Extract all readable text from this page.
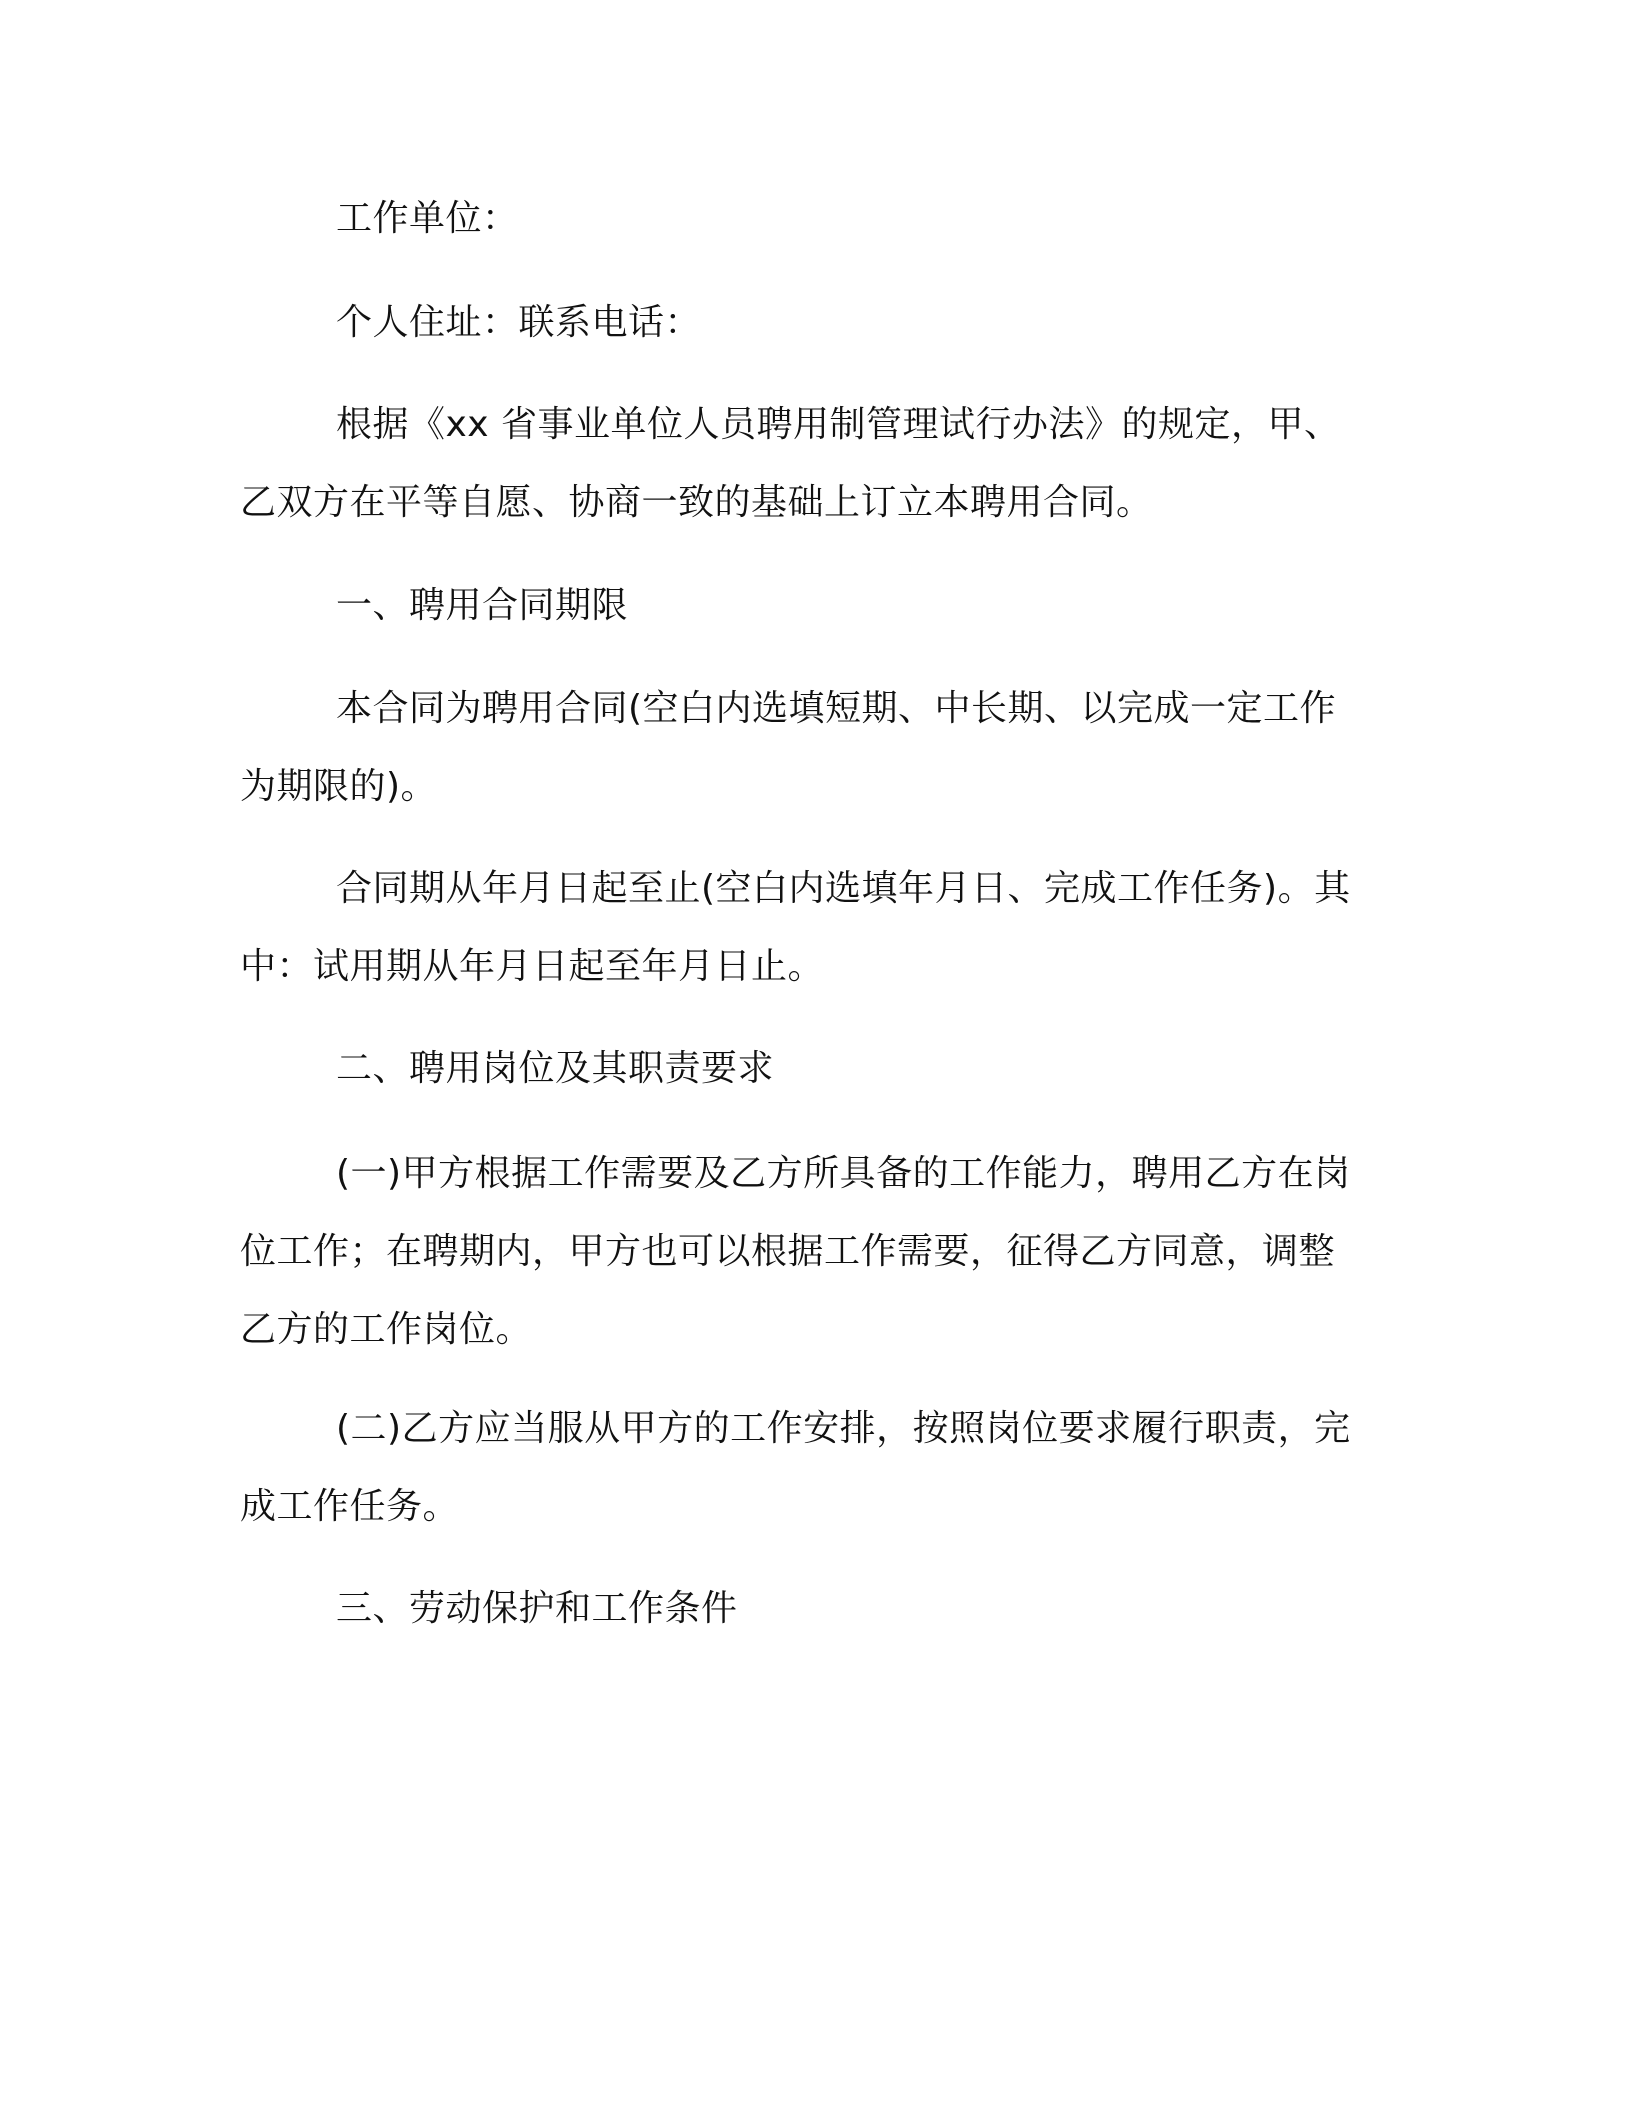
工作单位：

个人住址：联系电话：

根据《xx 省事业单位人员聘用制管理试行办法》的规定，甲、乙双方在平等自愿、协商一致的基础上订立本聘用合同。

一、聘用合同期限

本合同为聘用合同(空白内选填短期、中长期、以完成一定工作为期限的)。

合同期从年月日起至止(空白内选填年月日、完成工作任务)。其中：试用期从年月日起至年月日止。

二、聘用岗位及其职责要求

(一)甲方根据工作需要及乙方所具备的工作能力，聘用乙方在岗位工作；在聘期内，甲方也可以根据工作需要，征得乙方同意，调整乙方的工作岗位。

(二)乙方应当服从甲方的工作安排，按照岗位要求履行职责，完成工作任务。

三、劳动保护和工作条件
